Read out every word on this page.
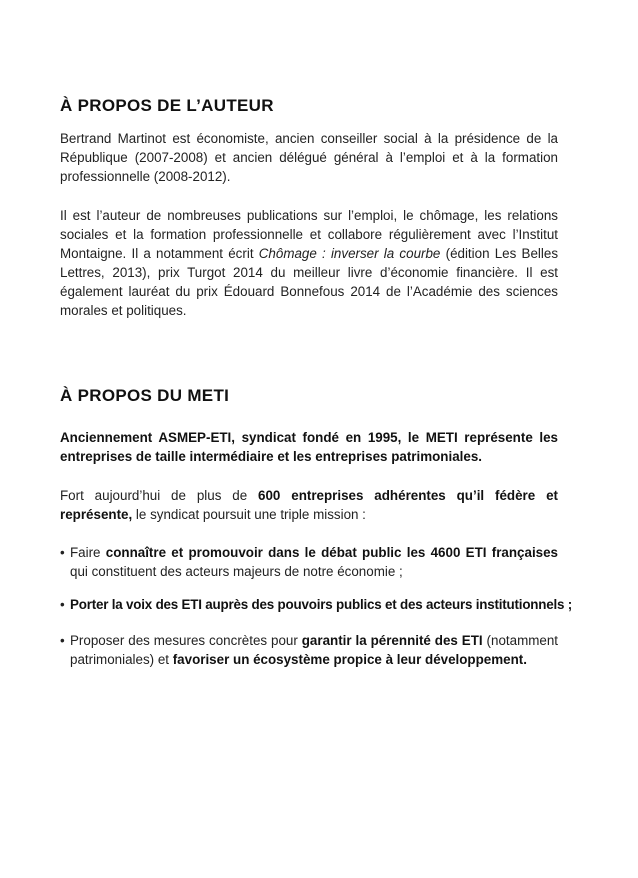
À PROPOS DE L’AUTEUR
Bertrand Martinot est économiste, ancien conseiller social à la présidence de la République (2007-2008) et ancien délégué général à l’emploi et à la formation professionnelle (2008-2012).
Il est l’auteur de nombreuses publications sur l’emploi, le chômage, les relations sociales et la formation professionnelle et collabore régulièrement avec l’Institut Montaigne. Il a notamment écrit Chômage : inverser la courbe (édition Les Belles Lettres, 2013), prix Turgot 2014 du meilleur livre d’économie financière. Il est également lauréat du prix Édouard Bonnefous 2014 de l’Académie des sciences morales et politiques.
À PROPOS DU METI
Anciennement ASMEP-ETI, syndicat fondé en 1995, le METI représente les entreprises de taille intermédiaire et les entreprises patrimoniales.
Fort aujourd’hui de plus de 600 entreprises adhérentes qu’il fédère et représente, le syndicat poursuit une triple mission :
• Faire connaître et promouvoir dans le débat public les 4600 ETI françaises qui constituent des acteurs majeurs de notre économie ;
• Porter la voix des ETI auprès des pouvoirs publics et des acteurs institutionnels ;
• Proposer des mesures concrètes pour garantir la pérennité des ETI (notamment patrimoniales) et favoriser un écosystème propice à leur développement.
